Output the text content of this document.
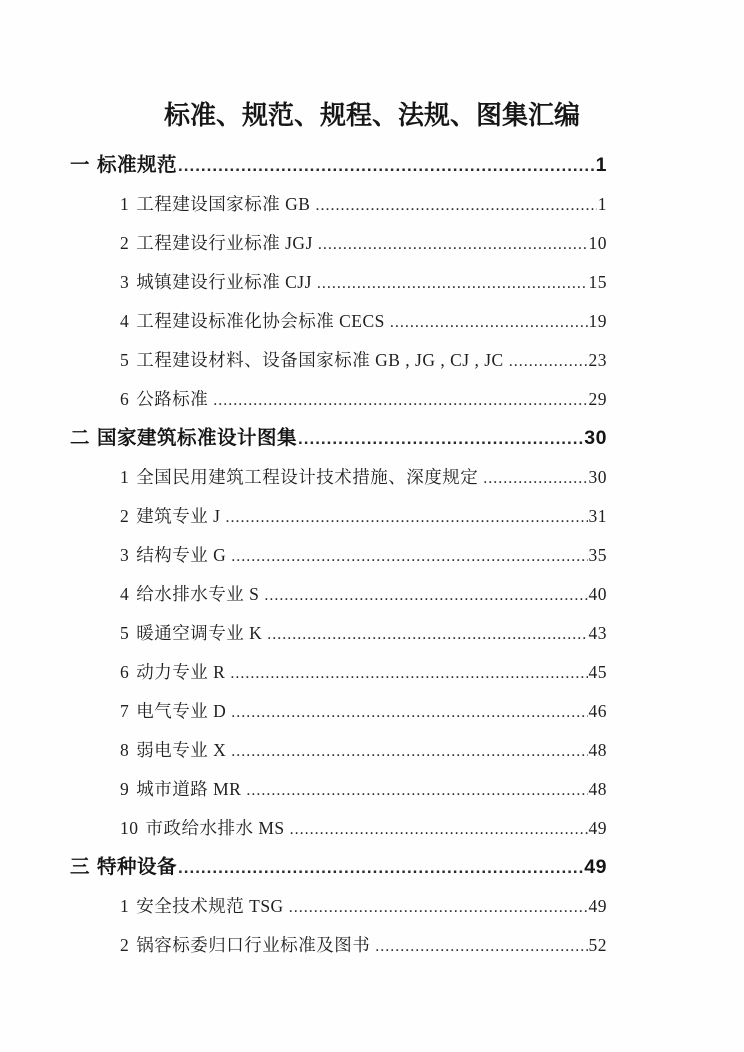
标准、规范、规程、法规、图集汇编
一 标准规范 .....	1
1 工程建设国家标准 GB .....	1
2 工程建设行业标准 JGJ .....	10
3 城镇建设行业标准 CJJ .....	15
4 工程建设标准化协会标准 CECS .....	19
5 工程建设材料、设备国家标准 GB , JG , CJ , JC .....	23
6 公路标准 .....	29
二 国家建筑标准设计图集 .....	30
1 全国民用建筑工程设计技术措施、深度规定 .....	30
2 建筑专业 J .....	31
3 结构专业 G .....	35
4 给水排水专业 S .....	40
5 暖通空调专业 K .....	43
6 动力专业 R .....	45
7 电气专业 D .....	46
8 弱电专业 X .....	48
9 城市道路 MR .....	48
10 市政给水排水 MS .....	49
三 特种设备 .....	49
1 安全技术规范 TSG .....	49
2 锅容标委归口行业标准及图书 .....	52
